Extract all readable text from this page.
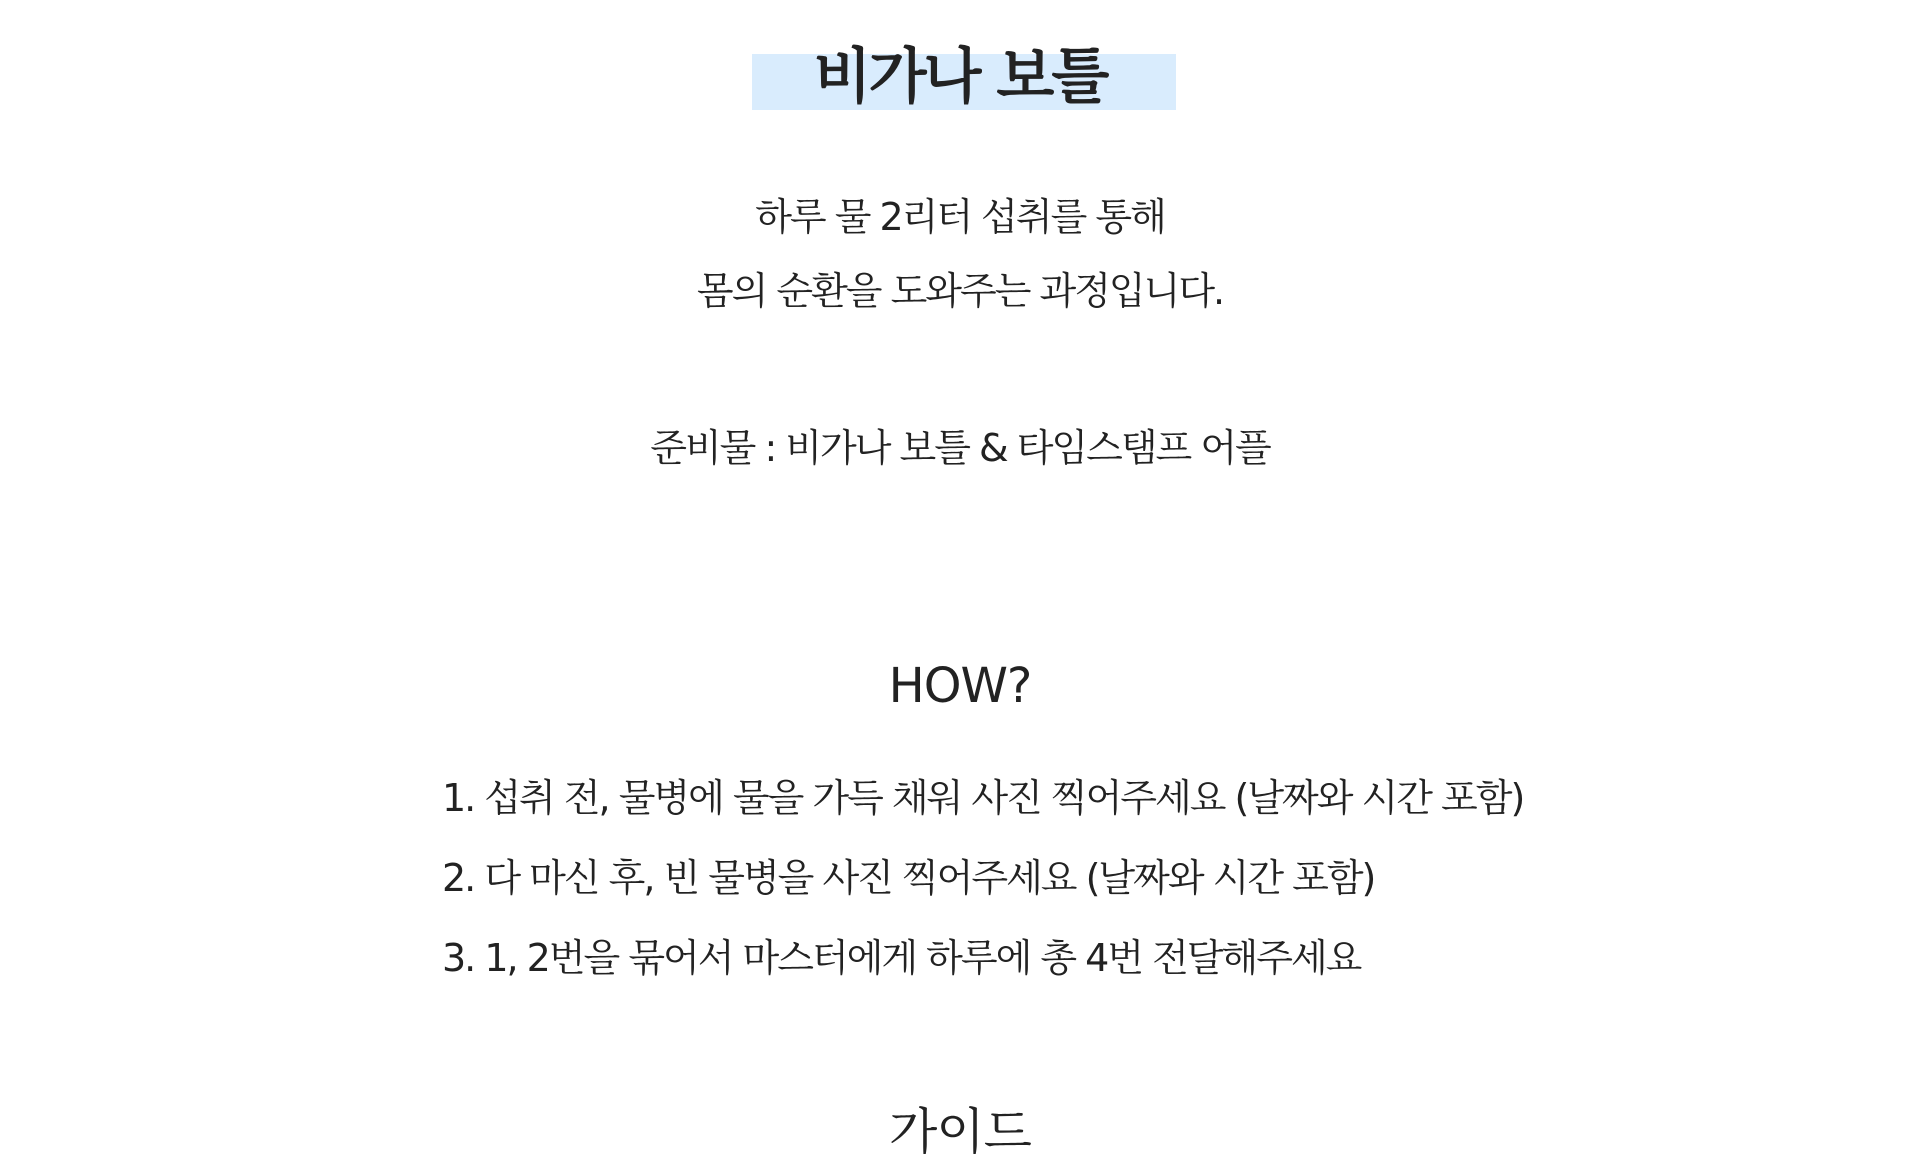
비가나 보틀

하루 물 2리터 섭취를 통해

몸의 순환을 도와주는 과정입니다.

준비물 : 비가나 보틀 & 타임스탬프 어플
HOW?
1. 섭취 전, 물병에 물을 가득 채워 사진 찍어주세요 (날짜와 시간 포함)
2. 다 마신 후, 빈 물병을 사진 찍어주세요 (날짜와 시간 포함)
3. 1, 2번을 묶어서 마스터에게 하루에 총 4번 전달해주세요
가이드
